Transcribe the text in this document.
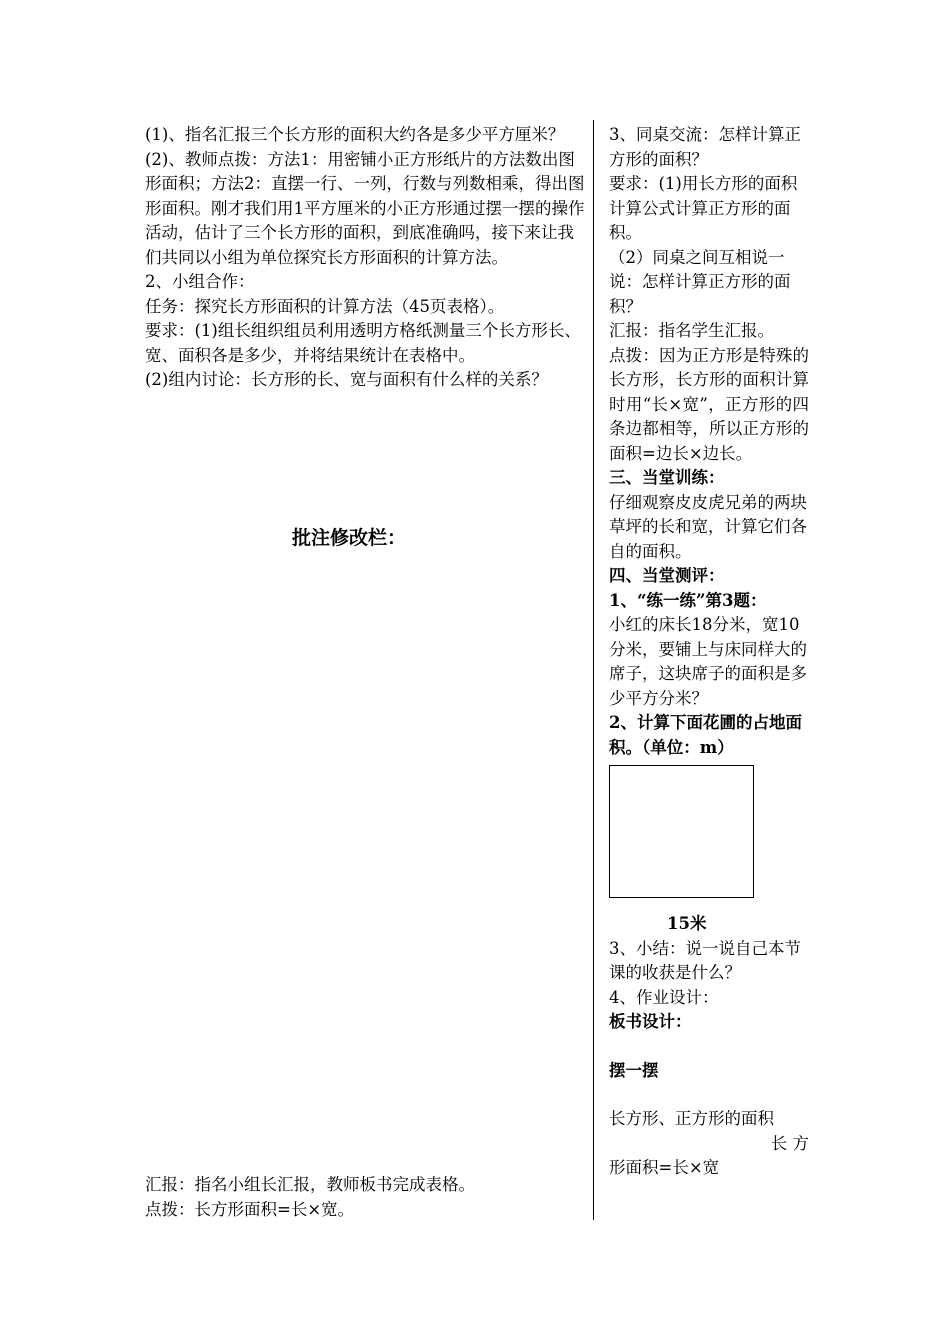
(1)、指名汇报三个长方形的面积大约各是多少平方厘米？

(2)、教师点拨：方法1：用密铺小正方形纸片的方法数出图形面积；方法2：直摆一行、一列，行数与列数相乘，得出图形面积。刚才我们用1平方厘米的小正方形通过摆一摆的操作活动，估计了三个长方形的面积，到底准确吗，接下来让我们共同以小组为单位探究长方形面积的计算方法。

2、小组合作：

任务：探究长方形面积的计算方法（45页表格）。

要求：(1)组长组织组员利用透明方格纸测量三个长方形长、宽、面积各是多少，并将结果统计在表格中。

(2)组内讨论：长方形的长、宽与面积有什么样的关系？

批注修改栏：

汇报：指名小组长汇报，教师板书完成表格。

点拨：长方形面积=长×宽。

3、同桌交流：怎样计算正方形的面积？

要求：(1)用长方形的面积计算公式计算正方形的面积。

（2）同桌之间互相说一说：怎样计算正方形的面积？

汇报：指名学生汇报。

点拨：因为正方形是特殊的长方形，长方形的面积计算时用“长×宽”，正方形的四条边都相等，所以正方形的面积=边长×边长。

三、当堂训练：

仔细观察皮皮虎兄弟的两块草坪的长和宽，计算它们各自的面积。

四、当堂测评：

1、“练一练”第3题：

小红的床长18分米，宽10分米，要铺上与床同样大的席子，这块席子的面积是多少平方分米？

2、计算下面花圃的占地面积。（单位：m）

15米

3、小结：说一说自己本节课的收获是什么？

4、作业设计：

板书设计：

摆一摆

长方形、正方形的面积

长 方

形面积=长×宽
